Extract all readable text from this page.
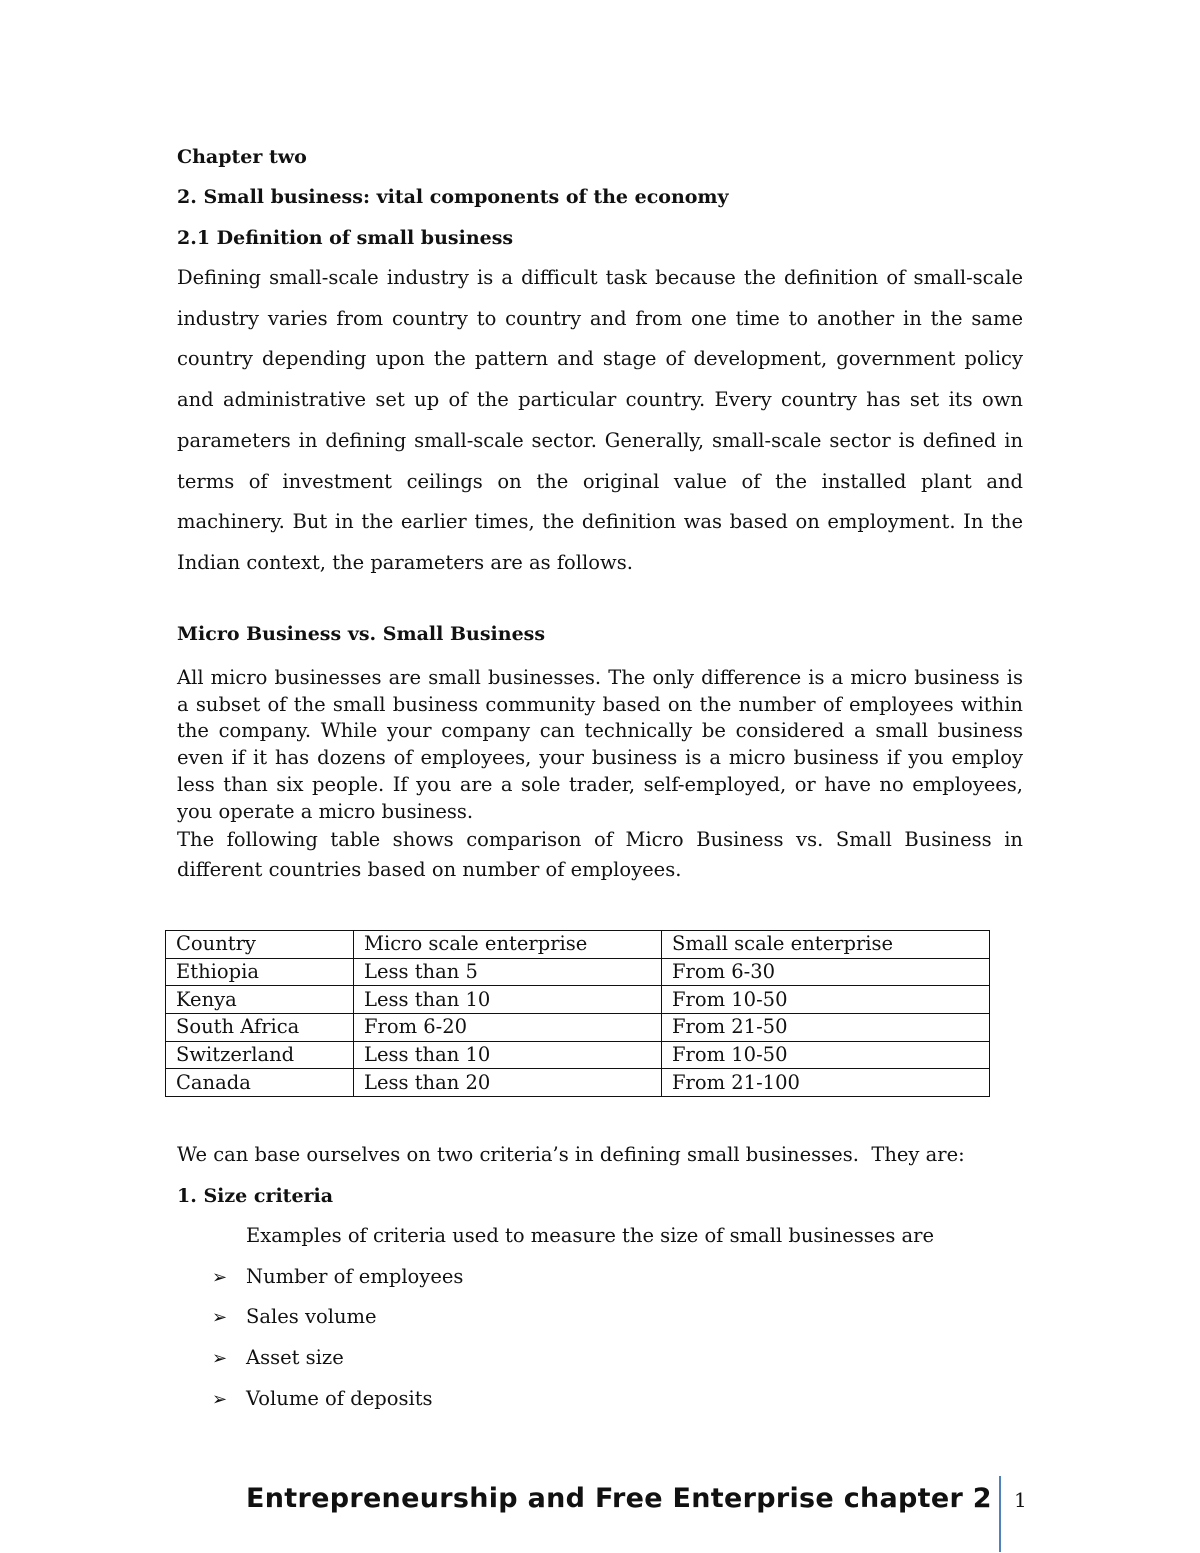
Chapter two
2. Small business: vital components of the economy
2.1 Definition of small business

Defining small-scale industry is a difficult task because the definition of small-scale industry varies from country to country and from one time to another in the same country depending upon the pattern and stage of development, government policy and administrative set up of the particular country. Every country has set its own parameters in defining small-scale sector. Generally, small-scale sector is defined in terms of investment ceilings on the original value of the installed plant and machinery. But in the earlier times, the definition was based on employment. In the Indian context, the parameters are as follows.

Micro Business vs. Small Business

All micro businesses are small businesses. The only difference is a micro business is a subset of the small business community based on the number of employees within the company. While your company can technically be considered a small business even if it has dozens of employees, your business is a micro business if you employ less than six people. If you are a sole trader, self-employed, or have no employees, you operate a micro business.

The following table shows comparison of Micro Business vs. Small Business in different countries based on number of employees.

Country	Micro scale enterprise	Small scale enterprise
Ethiopia	Less than 5	From 6-30
Kenya	Less than 10	From 10-50
South Africa	From 6-20	From 21-50
Switzerland	Less than 10	From 10-50
Canada	Less than 20	From 21-100
We can base ourselves on two criteria’s in defining small businesses.  They are:
1. Size criteria
Examples of criteria used to measure the size of small businesses are
➢ Number of employees
➢ Sales volume
➢ Asset size
➢ Volume of deposits
Entrepreneurship and Free Enterprise chapter 2 1
